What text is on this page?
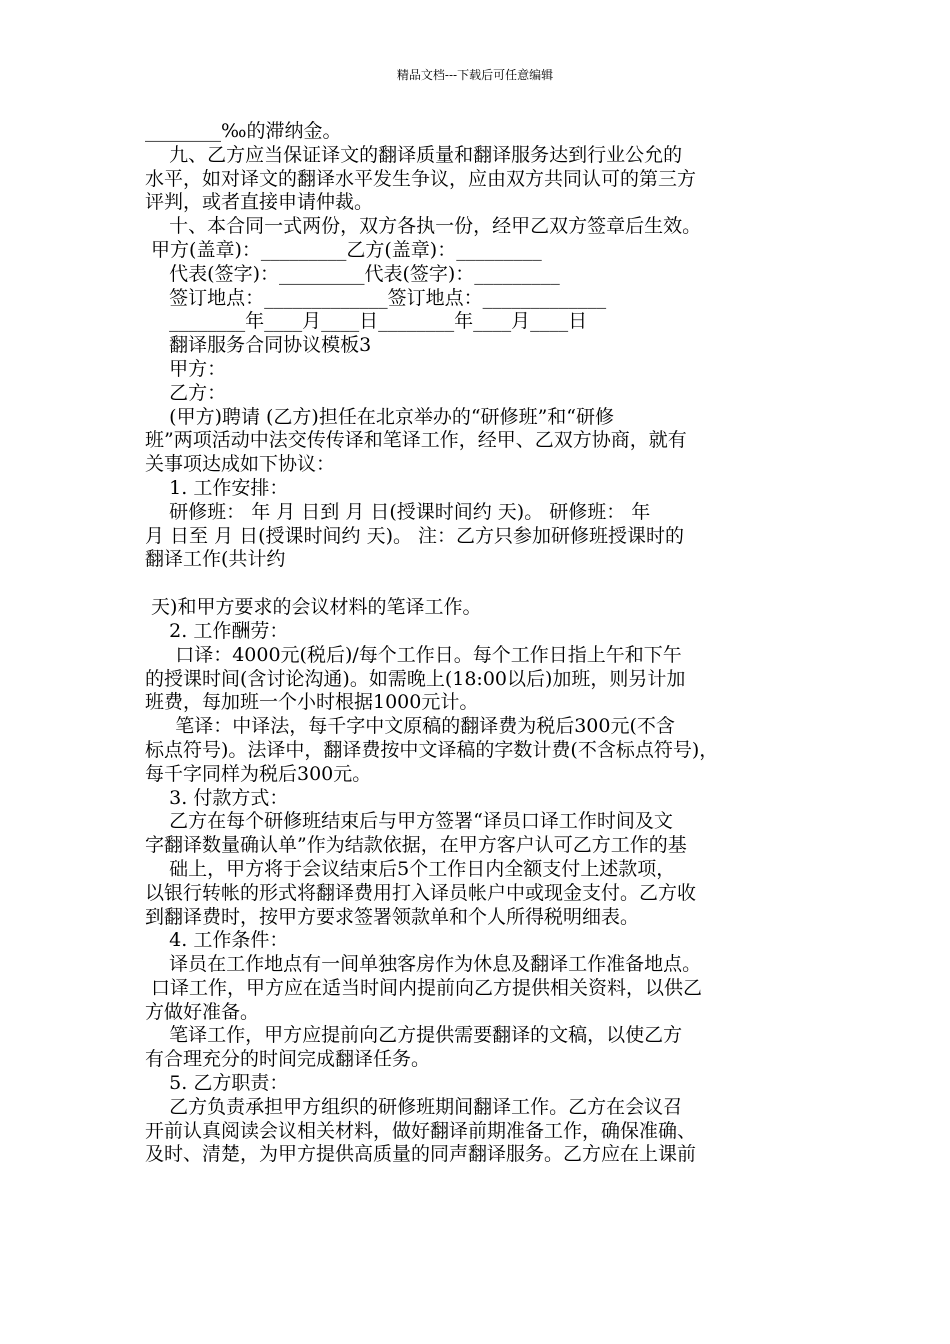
精品文档---下载后可任意编辑
________‰的滞纳金。
九、乙方应当保证译文的翻译质量和翻译服务达到行业公允的
水平，如对译文的翻译水平发生争议，应由双方共同认可的第三方
评判，或者直接申请仲裁。
十、本合同一式两份，双方各执一份，经甲乙双方签章后生效。
甲方(盖章)：_________乙方(盖章)：_________
代表(签字)：_________代表(签字)：_________
签订地点：_____________签订地点：_____________
________年____月____日________年____月____日
翻译服务合同协议模板3
甲方：
乙方：
(甲方)聘请 (乙方)担任在北京举办的“研修班”和“研修
班”两项活动中法交传传译和笔译工作，经甲、乙双方协商，就有
关事项达成如下协议：
1. 工作安排：
研修班： 年 月 日到 月 日(授课时间约 天)。 研修班： 年
月 日至 月 日(授课时间约 天)。 注：乙方只参加研修班授课时的
翻译工作(共计约
天)和甲方要求的会议材料的笔译工作。
2. 工作酬劳：
口译：4000元(税后)/每个工作日。每个工作日指上午和下午
的授课时间(含讨论沟通)。如需晚上(18:00以后)加班，则另计加
班费，每加班一个小时根据1000元计。
笔译：中译法，每千字中文原稿的翻译费为税后300元(不含
标点符号)。法译中，翻译费按中文译稿的字数计费(不含标点符号)，
每千字同样为税后300元。
3. 付款方式：
乙方在每个研修班结束后与甲方签署“译员口译工作时间及文
字翻译数量确认单”作为结款依据，在甲方客户认可乙方工作的基
础上，甲方将于会议结束后5个工作日内全额支付上述款项，
以银行转帐的形式将翻译费用打入译员帐户中或现金支付。乙方收
到翻译费时，按甲方要求签署领款单和个人所得税明细表。
4. 工作条件：
译员在工作地点有一间单独客房作为休息及翻译工作准备地点。
口译工作，甲方应在适当时间内提前向乙方提供相关资料，以供乙
方做好准备。
笔译工作，甲方应提前向乙方提供需要翻译的文稿，以使乙方
有合理充分的时间完成翻译任务。
5. 乙方职责：
乙方负责承担甲方组织的研修班期间翻译工作。乙方在会议召
开前认真阅读会议相关材料，做好翻译前期准备工作，确保准确、
及时、清楚，为甲方提供高质量的同声翻译服务。乙方应在上课前
